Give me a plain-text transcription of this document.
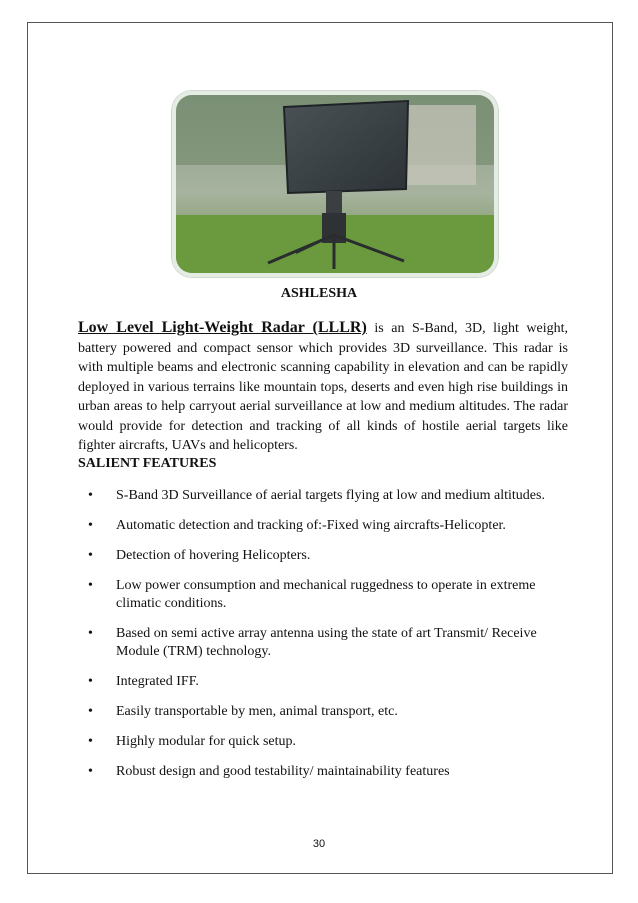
ASHLESHA

Low Level Light-Weight Radar (LLLR) is an S-Band, 3D, light weight, battery powered and compact sensor which provides 3D surveillance. This radar is with multiple beams and electronic scanning capability in elevation and can be rapidly deployed in various terrains like mountain tops, deserts and even high rise buildings in urban areas to help carryout aerial surveillance at low and medium altitudes. The radar would provide for detection and tracking of all kinds of hostile aerial targets like fighter aircrafts, UAVs and helicopters.

SALIENT FEATURES
• S-Band 3D Surveillance of aerial targets flying at low and medium altitudes.
• Automatic detection and tracking of:-Fixed wing aircrafts-Helicopter.
• Detection of hovering Helicopters.
• Low power consumption and mechanical ruggedness to operate in extreme climatic conditions.
• Based on semi active array antenna using the state of art Transmit/ Receive Module (TRM) technology.
• Integrated IFF.
• Easily transportable by men, animal transport, etc.
• Highly modular for quick setup.
• Robust design and good testability/ maintainability features
30
